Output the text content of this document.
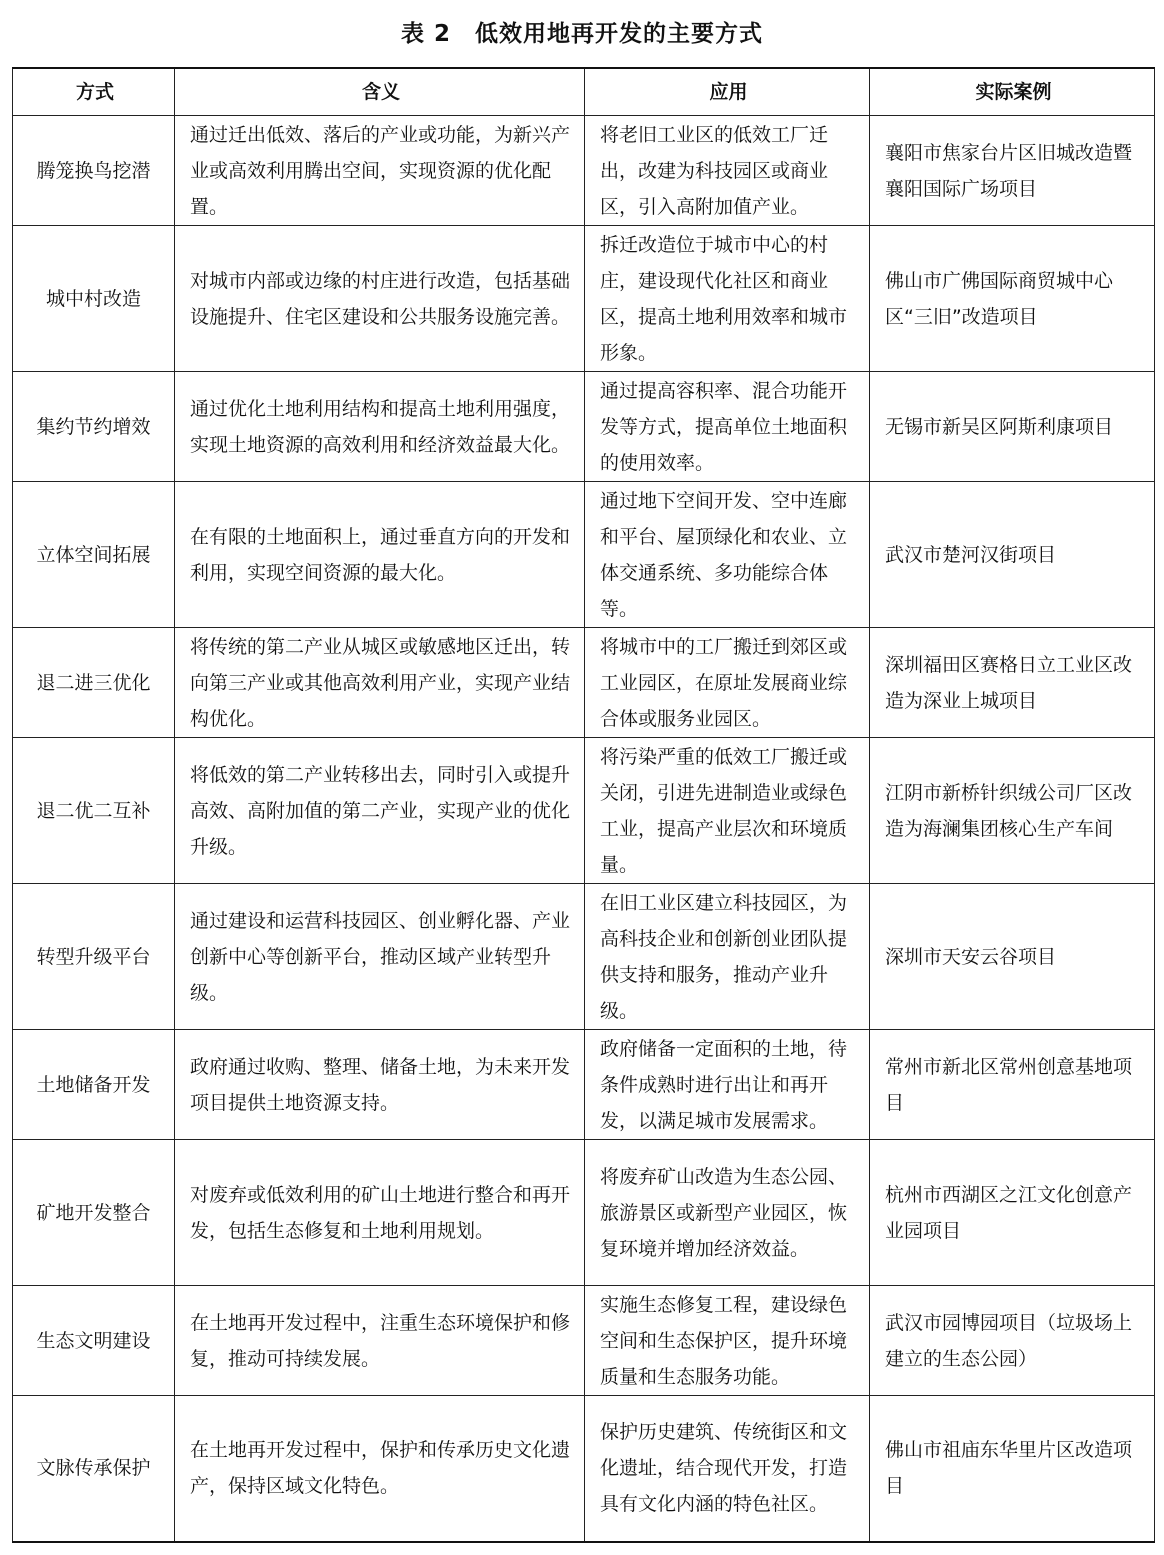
表 2　低效用地再开发的主要方式
方式	含义	应用	实际案例
腾笼换鸟挖潜	通过迁出低效、落后的产业或功能，为新兴产业或高效利用腾出空间，实现资源的优化配置。	将老旧工业区的低效工厂迁出，改建为科技园区或商业区，引入高附加值产业。	襄阳市焦家台片区旧城改造暨襄阳国际广场项目
城中村改造	对城市内部或边缘的村庄进行改造，包括基础设施提升、住宅区建设和公共服务设施完善。	拆迁改造位于城市中心的村庄，建设现代化社区和商业区，提高土地利用效率和城市形象。	佛山市广佛国际商贸城中心区“三旧”改造项目
集约节约增效	通过优化土地利用结构和提高土地利用强度，实现土地资源的高效利用和经济效益最大化。	通过提高容积率、混合功能开发等方式，提高单位土地面积的使用效率。	无锡市新吴区阿斯利康项目
立体空间拓展	在有限的土地面积上，通过垂直方向的开发和利用，实现空间资源的最大化。	通过地下空间开发、空中连廊和平台、屋顶绿化和农业、立体交通系统、多功能综合体等。	武汉市楚河汉街项目
退二进三优化	将传统的第二产业从城区或敏感地区迁出，转向第三产业或其他高效利用产业，实现产业结构优化。	将城市中的工厂搬迁到郊区或工业园区，在原址发展商业综合体或服务业园区。	深圳福田区赛格日立工业区改造为深业上城项目
退二优二互补	将低效的第二产业转移出去，同时引入或提升高效、高附加值的第二产业，实现产业的优化升级。	将污染严重的低效工厂搬迁或关闭，引进先进制造业或绿色工业，提高产业层次和环境质量。	江阴市新桥针织绒公司厂区改造为海澜集团核心生产车间
转型升级平台	通过建设和运营科技园区、创业孵化器、产业创新中心等创新平台，推动区域产业转型升级。	在旧工业区建立科技园区，为高科技企业和创新创业团队提供支持和服务，推动产业升级。	深圳市天安云谷项目
土地储备开发	政府通过收购、整理、储备土地，为未来开发项目提供土地资源支持。	政府储备一定面积的土地，待条件成熟时进行出让和再开发，以满足城市发展需求。	常州市新北区常州创意基地项目
矿地开发整合	对废弃或低效利用的矿山土地进行整合和再开发，包括生态修复和土地利用规划。	将废弃矿山改造为生态公园、旅游景区或新型产业园区，恢复环境并增加经济效益。	杭州市西湖区之江文化创意产业园项目
生态文明建设	在土地再开发过程中，注重生态环境保护和修复，推动可持续发展。	实施生态修复工程，建设绿色空间和生态保护区，提升环境质量和生态服务功能。	武汉市园博园项目（垃圾场上建立的生态公园）
文脉传承保护	在土地再开发过程中，保护和传承历史文化遗产，保持区域文化特色。	保护历史建筑、传统街区和文化遗址，结合现代开发，打造具有文化内涵的特色社区。	佛山市祖庙东华里片区改造项目
